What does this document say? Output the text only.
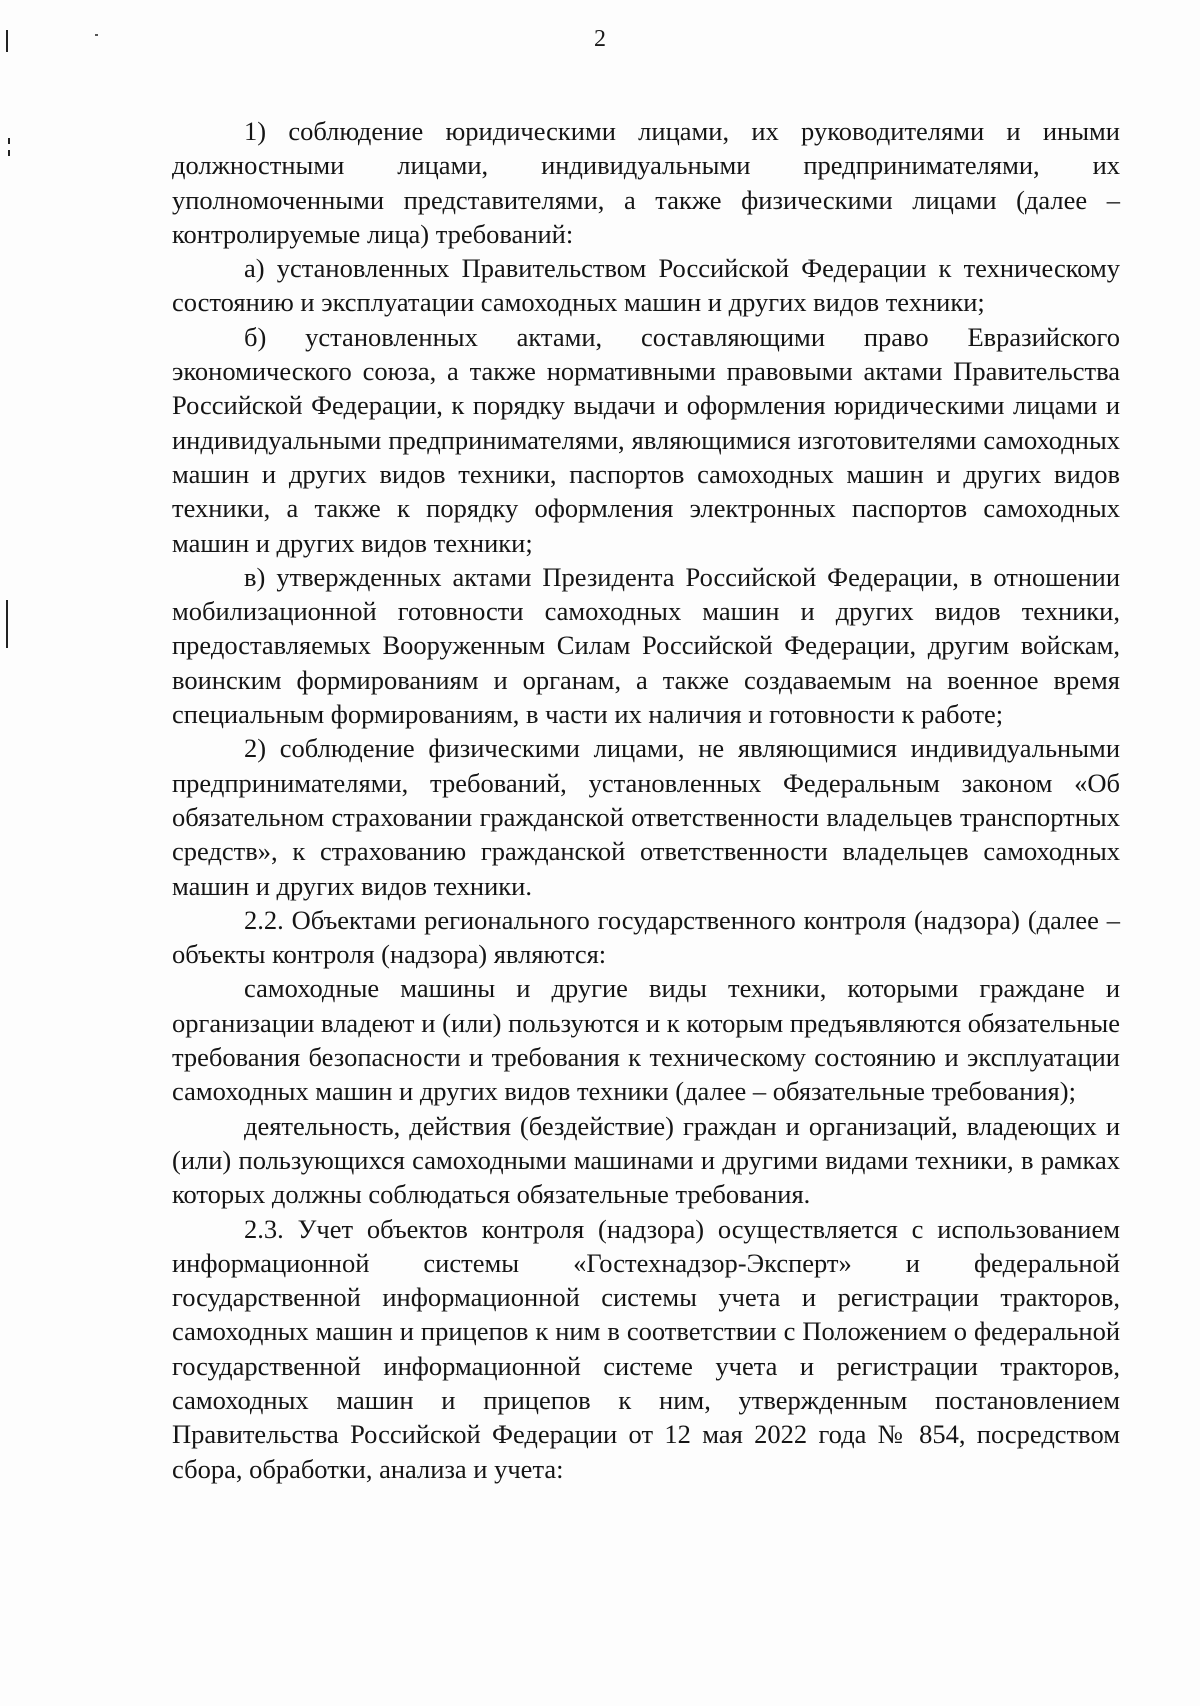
2

1) соблюдение юридическими лицами, их руководителями и иными должностными лицами, индивидуальными предпринимателями, их уполномоченными представителями, а также физическими лицами (далее – контролируемые лица) требований:

а) установленных Правительством Российской Федерации к техническому состоянию и эксплуатации самоходных машин и других видов техники;

б) установленных актами, составляющими право Евразийского экономического союза, а также нормативными правовыми актами Правительства Российской Федерации, к порядку выдачи и оформления юридическими лицами и индивидуальными предпринимателями, являющимися изготовителями самоходных машин и других видов техники, паспортов самоходных машин и других видов техники, а также к порядку оформления электронных паспортов самоходных машин и других видов техники;

в) утвержденных актами Президента Российской Федерации, в отношении мобилизационной готовности самоходных машин и других видов техники, предоставляемых Вооруженным Силам Российской Федерации, другим войскам, воинским формированиям и органам, а также создаваемым на военное время специальным формированиям, в части их наличия и готовности к работе;

2) соблюдение физическими лицами, не являющимися индивидуальными предпринимателями, требований, установленных Федеральным законом «Об обязательном страховании гражданской ответственности владельцев транспортных средств», к страхованию гражданской ответственности владельцев самоходных машин и других видов техники.

2.2. Объектами регионального государственного контроля (надзора) (далее – объекты контроля (надзора) являются:

самоходные машины и другие виды техники, которыми граждане и организации владеют и (или) пользуются и к которым предъявляются обязательные требования безопасности и требования к техническому состоянию и эксплуатации самоходных машин и других видов техники (далее – обязательные требования);

деятельность, действия (бездействие) граждан и организаций, владеющих и (или) пользующихся самоходными машинами и другими видами техники, в рамках которых должны соблюдаться обязательные требования.

2.3. Учет объектов контроля (надзора) осуществляется с использованием информационной системы «Гостехнадзор-Эксперт» и федеральной государственной информационной системы учета и регистрации тракторов, самоходных машин и прицепов к ним в соответствии с Положением о федеральной государственной информационной системе учета и регистрации тракторов, самоходных машин и прицепов к ним, утвержденным постановлением Правительства Российской Федерации от 12 мая 2022 года № 854, посредством сбора, обработки, анализа и учета:
